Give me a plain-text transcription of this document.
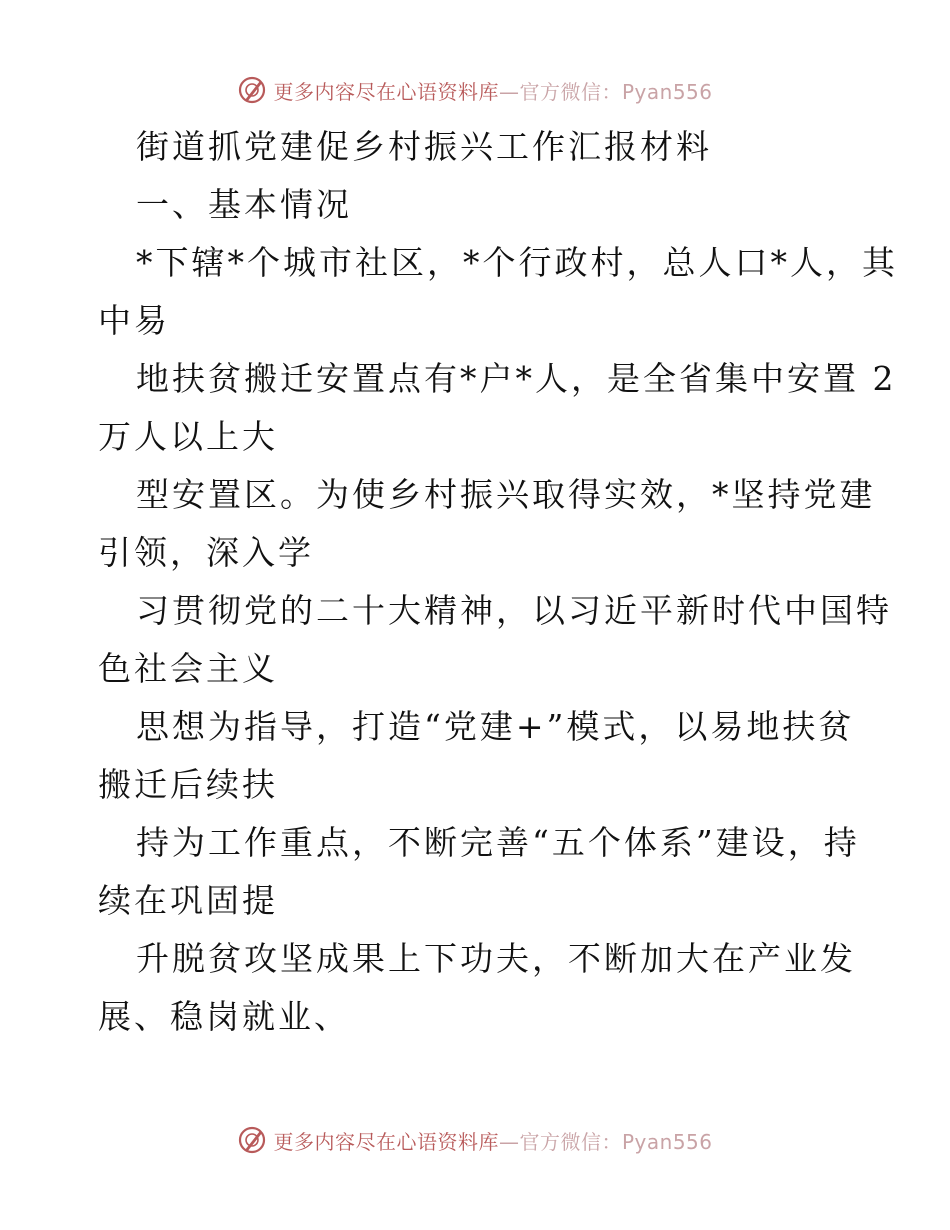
更多内容尽在心语资料库—官方微信：Pyan556
街道抓党建促乡村振兴工作汇报材料
一、基本情况
*下辖*个城市社区，*个行政村，总人口*人，其
中易
地扶贫搬迁安置点有*户*人，是全省集中安置 2
万人以上大
型安置区。为使乡村振兴取得实效，*坚持党建
引领，深入学
习贯彻党的二十大精神，以习近平新时代中国特
色社会主义
思想为指导，打造“党建+”模式，以易地扶贫
搬迁后续扶
持为工作重点，不断完善“五个体系”建设，持
续在巩固提
升脱贫攻坚成果上下功夫，不断加大在产业发
展、稳岗就业、
更多内容尽在心语资料库—官方微信：Pyan556
